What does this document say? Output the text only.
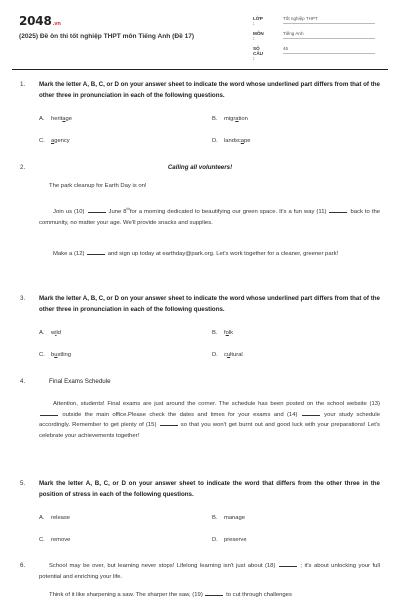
2048.vn
(2025) Đề ôn thi tốt nghiệp THPT môn Tiếng Anh (Đề 17)
LỚP :
Tốt nghiệp THPT
MÔN :
Tiếng Anh
SỐ CÂU :
46
1. Mark the letter A, B, C, or D on your answer sheet to indicate the word whose underlined part differs from that of the other three in pronunciation in each of the following questions.
A. heritage	B. migration
C. agency	D. landscape
2.	Calling all volunteers!
The park cleanup for Earth Day is on!
Join us (10)	June 8thfor a morning dedicated to beautifying our green space. It's a fun way (11)	back to the community, no matter your age. We'll provide snacks and supplies.
Make a (12)	and sign up today at earthday@park.org. Let's work together for a cleaner, greener park!
3. Mark the letter A, B, C, or D on your answer sheet to indicate the word whose underlined part differs from that of the other three in pronunciation in each of the following questions.
A. wild	B. folk
C. bustling	D. cultural
4.	Final Exams Schedule
Attention, students! Final exams are just around the corner. The schedule has been posted on the school website (13)  outside the main office.Please check the dates and times for your exams and (14)	your study schedule accordingly. Remember to get plenty of (15)	so that you won't get burnt out and good luck with your preparations! Let's celebrate your achievements together!
5. Mark the letter A, B, C, or D on your answer sheet to indicate the word that differs from the other three in the position of stress in each of the following questions.
A. release	B. manage
C. remove	D. preserve
6.	School may be over, but learning never stops! Lifelong learning isn't just about (18)	; it's about unlocking your full potential and enriching your life.
Think of it like sharpening a saw. The sharper the saw, (19)	to cut through challenges
